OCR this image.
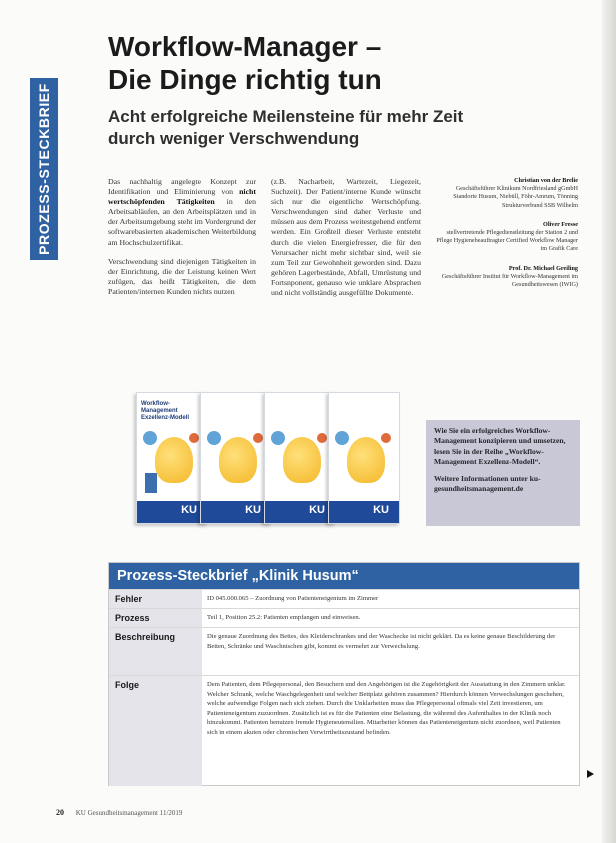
PROZESS-STECKBRIEF
Workflow-Manager –
Die Dinge richtig tun
Acht erfolgreiche Meilensteine für mehr Zeit
durch weniger Verschwendung

Das nachhaltig angelegte Konzept zur Identifikation und Eliminierung von nicht wertschöpfenden Tätigkeiten in den Arbeitsabläufen, an den Arbeitsplätzen und in der Arbeitsumgebung steht im Vordergrund der softwarebasierten akademischen Weiterbildung am Hochschulzertifikat.

Verschwendung sind diejenigen Tätigkeiten in der Einrichtung, die der Leistung keinen Wert zufügen, das heißt Tätigkeiten, die dem Patienten/internen Kunden nichts nutzen

(z.B. Nacharbeit, Wartezeit, Liegezeit, Suchzeit). Der Patient/interne Kunde wünscht sich nur die eigentliche Wertschöpfung. Verschwendungen sind daher Verluste und müssen aus dem Prozess weitestgehend entfernt werden. Ein Großteil dieser Verluste entsteht durch die vielen Energiefresser, die für den Verursacher nicht mehr sichtbar sind, weil sie zum Teil zur Gewohnheit geworden sind. Dazu gehören Lagerbestände, Abfall, Umrüstung und Fortsnponent, genauso wie unklare Absprachen und nicht vollständig ausgefüllte Dokumente.

Christian von der Brelie
Geschäftsführer Klinikum Nordfriesland gGmbH Standorte Husum, Niebüll, Föhr-Amrum, Tönning Strukturverbund SSB Wilhelm
Oliver Fresse
stellvertretende Pflegedienstleitung der Station 2 und Pflege Hygienebeauftragter Certified Workflow Manager im Grafik Care
Prof. Dr. Michael Greiling
Geschäftsführer Institut für Workflow-Management im Gesundheitswesen (IWIG)
Workflow-Management Exzellenz-Modell
KU	KU	KU	KU

Wie Sie ein erfolgreiches Workflow-Management konzipieren und umsetzen, lesen Sie in der Reihe „Workflow-Management Exzellenz-Modell“.

Weitere Informationen unter ku-gesundheitsmanagement.de

Prozess-Steckbrief „Klinik Husum“
Fehler	ID 045.000.065 – Zuordnung von Patienteneigentum im Zimmer
Prozess	Teil 1, Position 25.2: Patienten empfangen und einweisen.
Beschreibung	Die genaue Zuordnung des Bettes, des Kleiderschrankes und der Waschecke ist nicht geklärt. Da es keine genaue Beschilderung der Betten, Schränke und Waschnischen gibt, kommt es vermehrt zur Verwechslung.
Folge	Dem Patienten, dem Pflegepersonal, den Besuchern und den Angehörigen ist die Zugehörigkeit der Ausstattung in den Zimmern unklar. Welcher Schrank, welche Waschgelegenheit und welcher Bettplatz gehören zusammen? Hierdurch können Verwechslungen geschehen, welche aufwendige Folgen nach sich ziehen. Durch die Unklarheiten muss das Pflegepersonal oftmals viel Zeit investieren, um Patienteneigentum zuzuordnen. Zusätzlich ist es für die Patienten eine Belastung, die während des Aufenthaltes in der Klinik noch hinzukommt. Patienten benutzen fremde Hygieneutensilien. Mitarbeiter können das Patienteneigentum nicht zuordnen, weil Patienten sich in einem akuten oder chronischen Verwirrtheitszustand befinden.
20 KU Gesundheitsmanagement 11/2019
